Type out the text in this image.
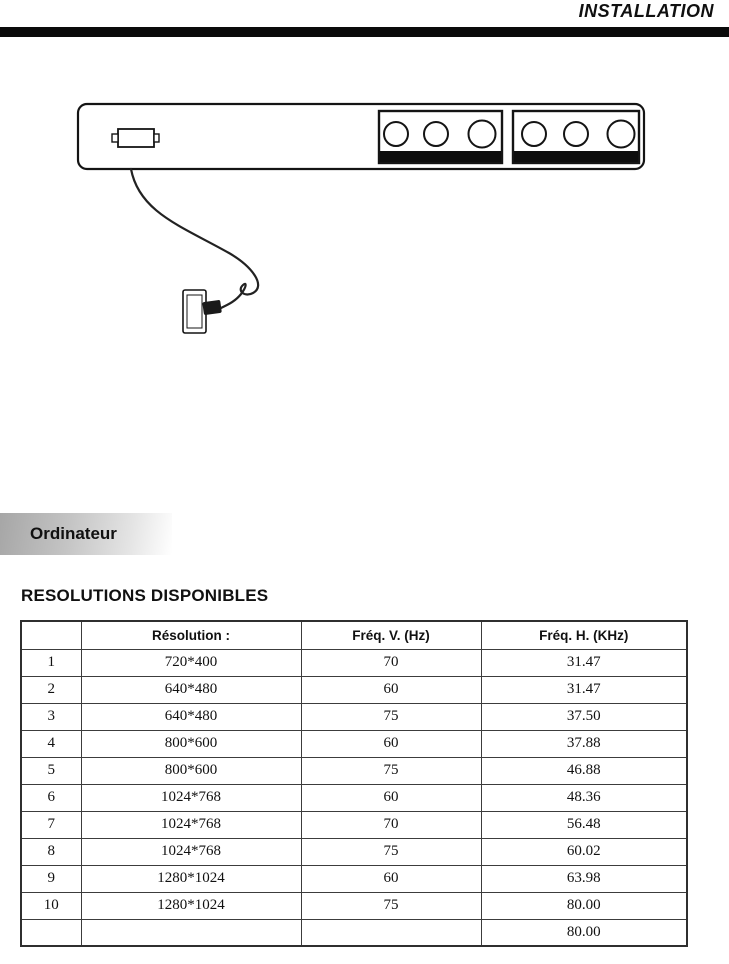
INSTALLATION
Ordinateur
RESOLUTIONS DISPONIBLES
	Résolution :	Fréq. V. (Hz)	Fréq. H. (KHz)
1	720*400	70	31.47
2	640*480	60	31.47
3	640*480	75	37.50
4	800*600	60	37.88
5	800*600	75	46.88
6	1024*768	60	48.36
7	1024*768	70	56.48
8	1024*768	75	60.02
9	1280*1024	60	63.98
10	1280*1024	75	80.00
			80.00
